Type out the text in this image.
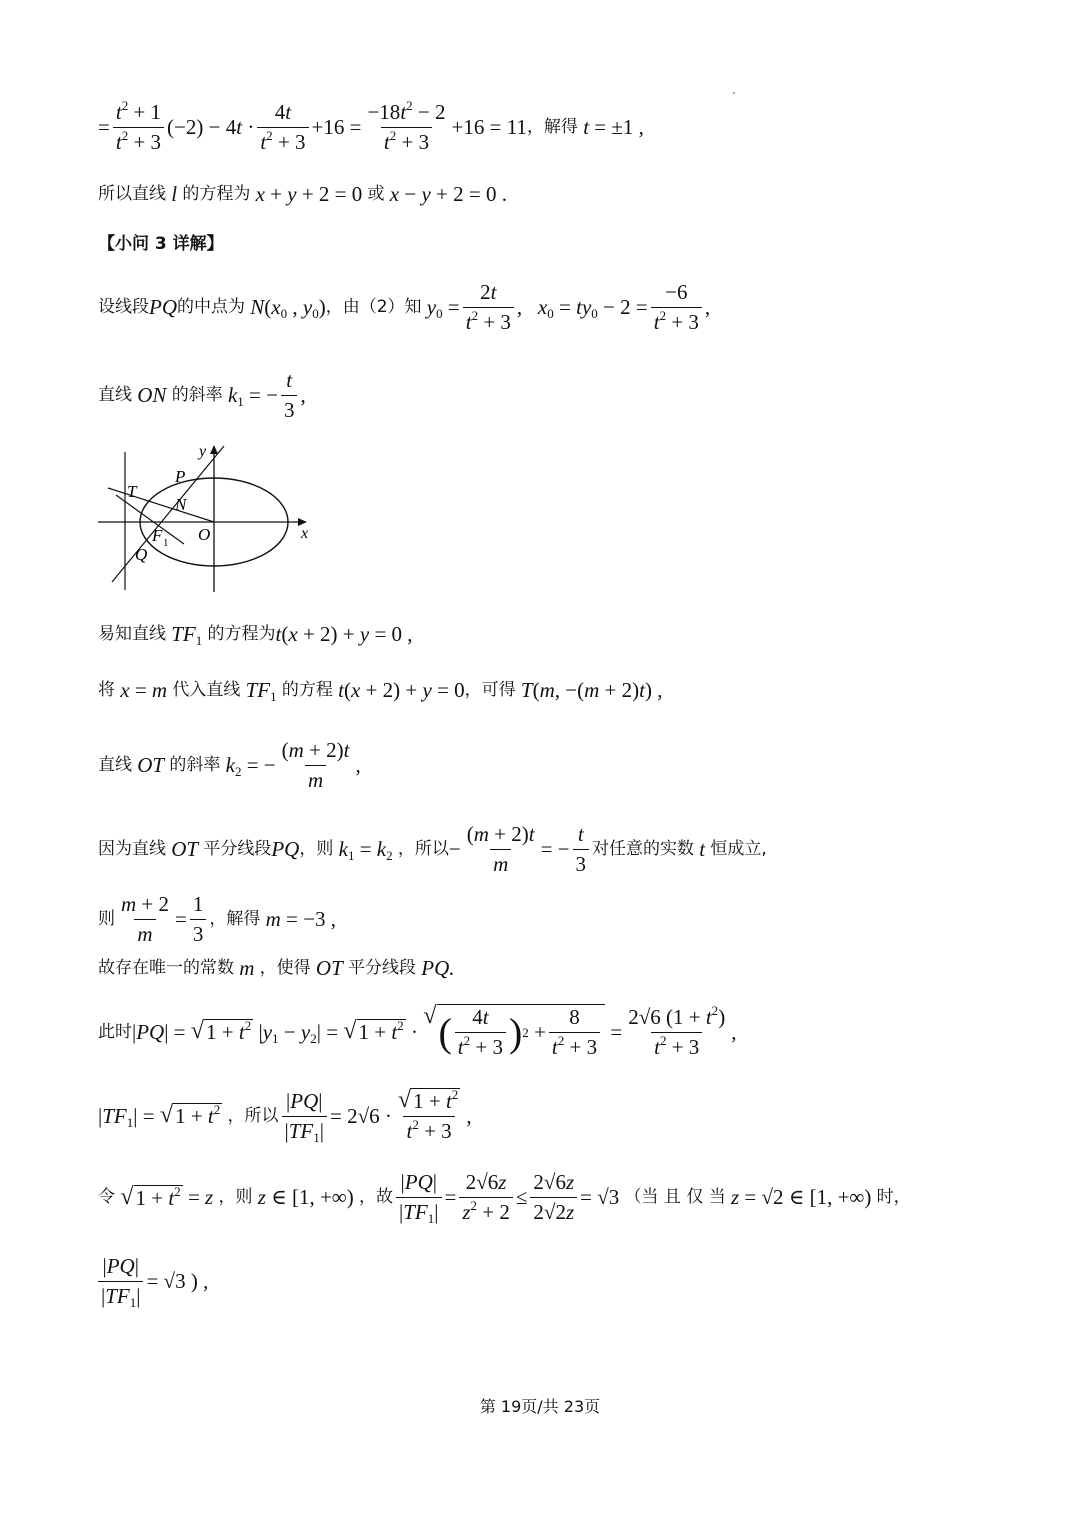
= $\frac{t^2 + 1}{t^2 + 3} (-2) - 4t \cdot \frac{4t}{t^2 + 3} +16 = \frac{-18t^2 - 2}{t^2 + 3} +16 = 11$ ，解得 t = ±1 ,
所以直线 l 的方程为 x + y + 2 = 0 或 x − y + 2 = 0 .
【小问 3 详解】
设线段 PQ 的中点为 $N(x_0$ , $y_0$) ，由（2）知 $y_0 = \frac{2t}{t^2 + 3}$ ,   $x_0 = ty_0 - 2 = \frac{-6}{t^2 + 3}$ ,
直线 ON 的斜率 $k_1$ = − $\frac{t}{3}$ ,
y
x
P
T
N
O
F 1
Q
易知直线 $TF_1$ 的方程为 t(x + 2) + y = 0 ,
将 x = m 代入直线 $TF_1$ 的方程 t(x + 2) + y = 0 ，可得 T(m, −(m + 2)t) ,
直线 OT 的斜率 $k_2$ = − $\frac{(m + 2)t}{m}$ ,
因为直线 OT 平分线段 PQ ，则 $k_1 = k_2$ ，所以 − $\frac{(m + 2)t}{m}$ = − $\frac{t}{3}$ 对任意的实数 t 恒成立,
则 $\frac{m + 2}{m} = \frac{1}{3}$ ，解得 m = −3 ,
故存在唯一的常数 m ，使得 OT 平分线段 PQ.
此时 |PQ| = √ $1 + t^2$ $|y_1 - y_2|$ = √ $1 + t^2$ ·
√ ( $\frac{4t}{t^2 + 3}$ ) $2 + \frac{8}{t^2 + 3} = \frac{2√6 (1 + t^2)}{t^2 + 3}$ ,
$|TF_1|$ = √ $1 + t^2$
，所以 $\frac{|PQ|}{|TF_1|} = 2√6 \cdot \frac{√ 1 + t^2}{t^2 + 3}$ ,
令
√ $1 + t^2 = z$ ，则 z ∈ [1, +∞) ，故 $\frac{|PQ|}{|TF_1|} = \frac{2√6z}{z^2 + 2} \le \frac{2√6z}{2√2z} = √3$ （当 且 仅 当 z = √2 ∈ [1, +∞) 时，
$\frac{|PQ|}{|TF_1|} = √3$ ) ,
第 19页/共 23页
